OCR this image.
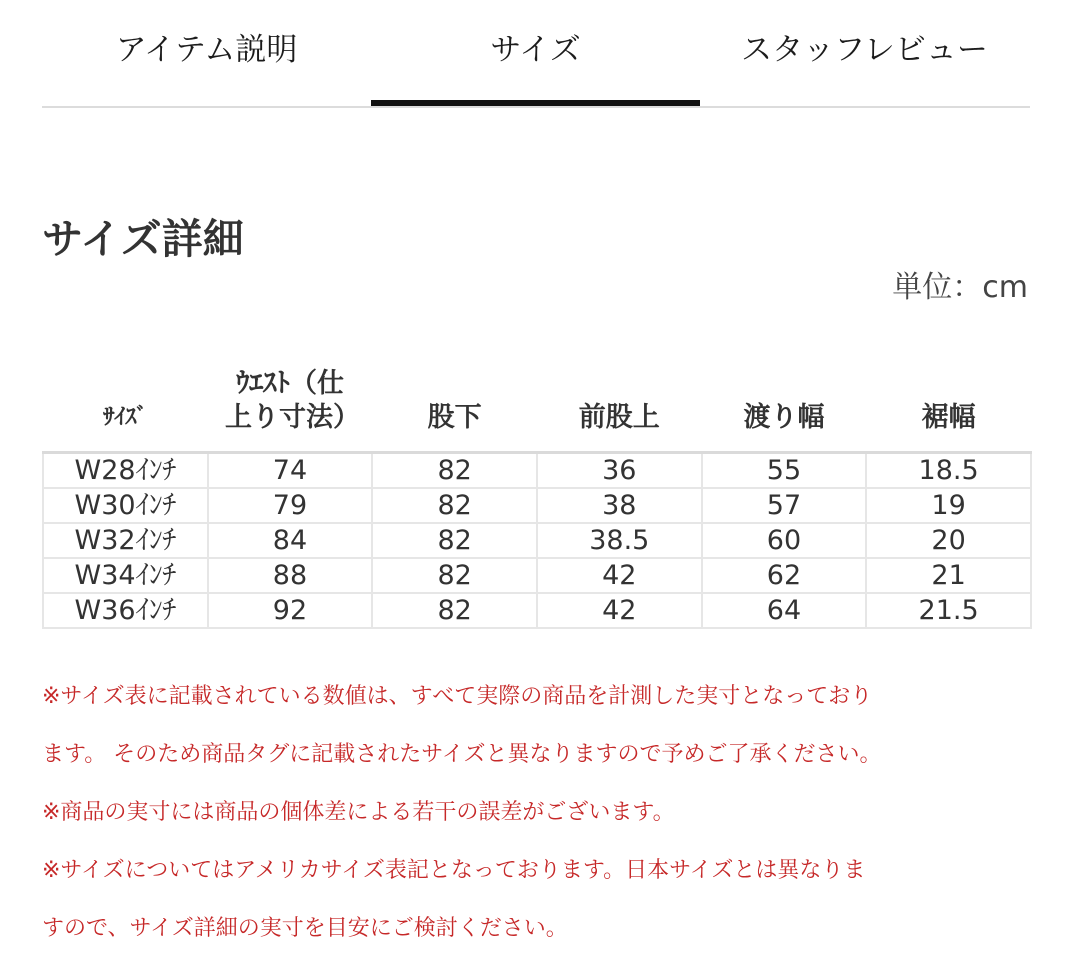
アイテム説明	サイズ	スタッフレビュー
サイズ詳細
単位：cm
ｻｲｽﾞ	ｳｴｽﾄ（仕上り寸法）	股下	前股上	渡り幅	裾幅
W28ｲﾝﾁ	74	82	36	55	18.5
W30ｲﾝﾁ	79	82	38	57	19
W32ｲﾝﾁ	84	82	38.5	60	20
W34ｲﾝﾁ	88	82	42	62	21
W36ｲﾝﾁ	92	82	42	64	21.5
※サイズ表に記載されている数値は、すべて実際の商品を計測した実寸となっており
ます。 そのため商品タグに記載されたサイズと異なりますので予めご了承ください。
※商品の実寸には商品の個体差による若干の誤差がございます。
※サイズについてはアメリカサイズ表記となっております。日本サイズとは異なりま
すので、サイズ詳細の実寸を目安にご検討ください。
